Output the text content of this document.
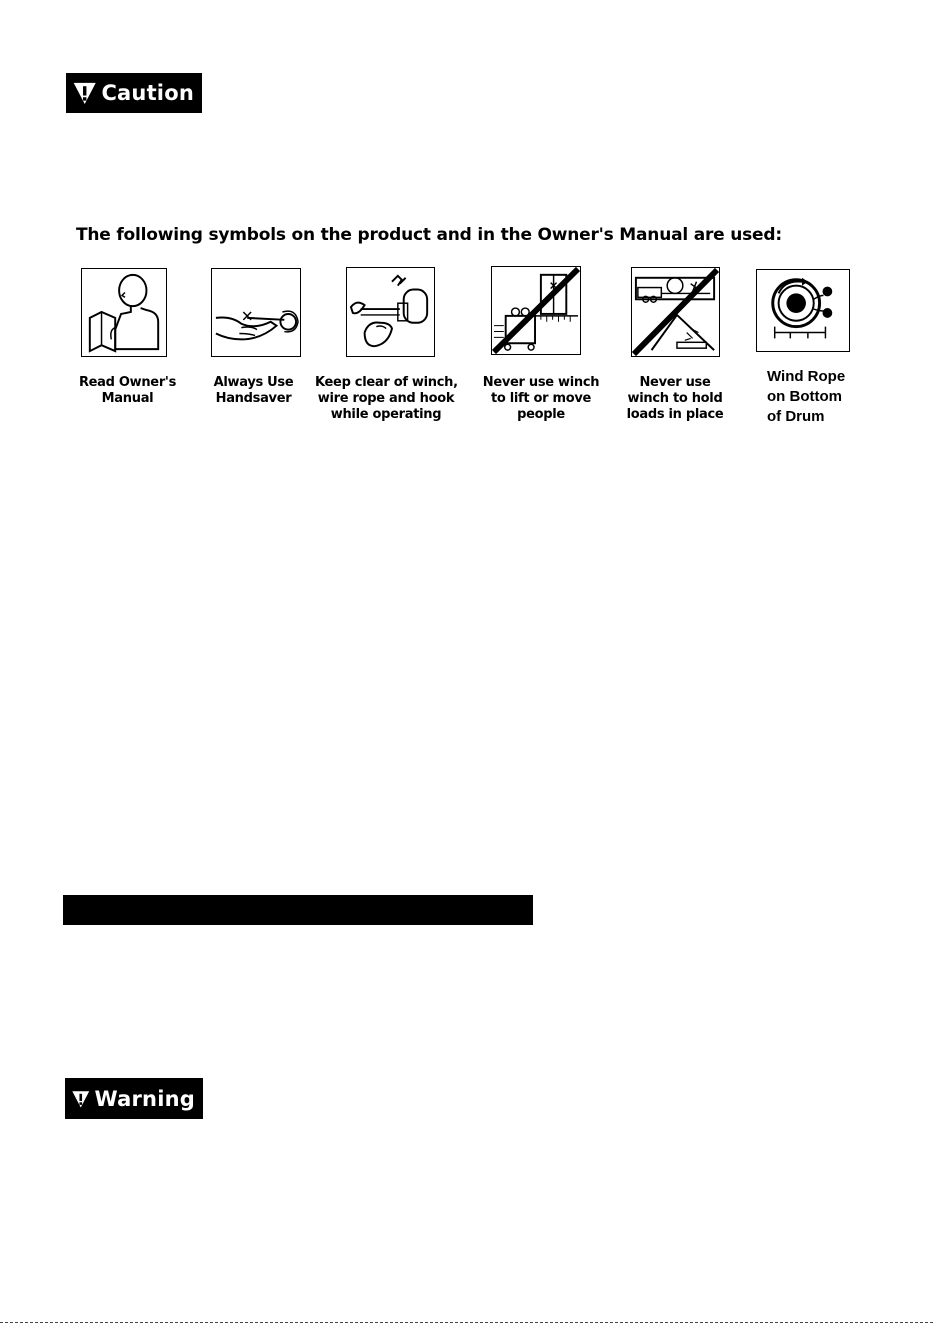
Caution
The following symbols on the product and in the Owner's Manual are used:
Read Owner's
Manual
Always Use
Handsaver
Keep clear of winch,
wire rope and hook
while operating
Never use winch
to lift or move
people
Never use
winch to hold
loads in place
Wind Rope
on Bottom
of Drum
Warning
